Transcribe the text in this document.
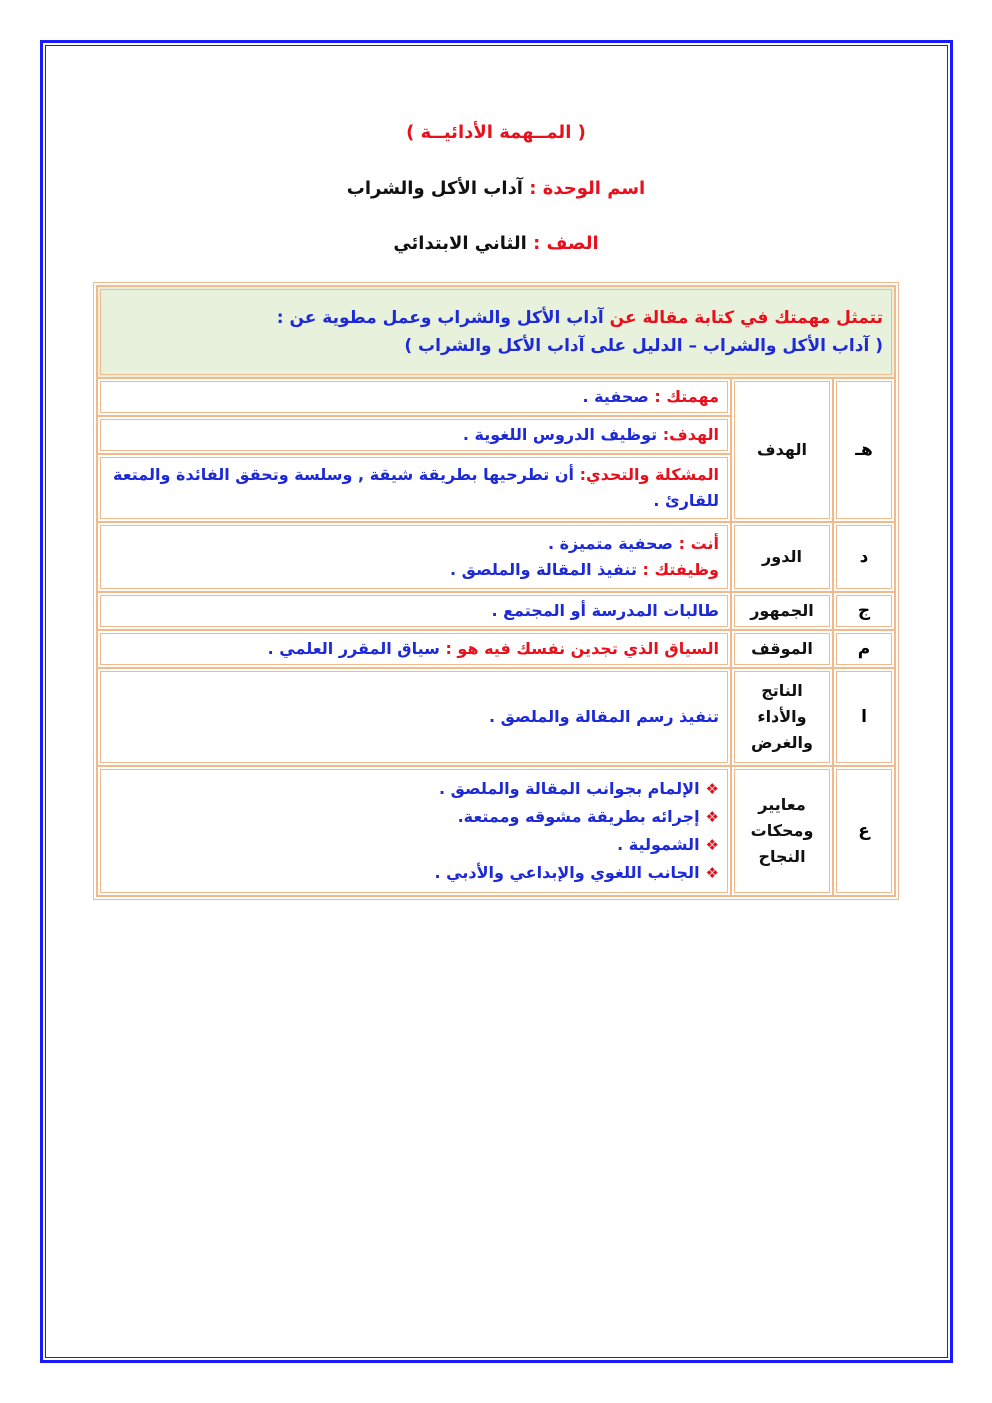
( المــهمة الأدائيــة )
اسم الوحدة : آداب الأكل والشراب
الصف : الثاني الابتدائي
تتمثل مهمتك في كتابة مقالة عن آداب الأكل والشراب وعمل مطوية عن :
( آداب الأكل والشراب – الدليل على آداب الأكل والشراب )		
هـ	الهدف	مهمتك : صحفية .
		الهدف: توظيف الدروس اللغوية .
		المشكلة والتحدي: أن تطرحيها بطريقة شيقة , وسلسة وتحقق الفائدة والمتعة للقارئ .
د	الدور	أنت : صحفية متميزة .
وظيفتك : تنفيذ المقالة والملصق .
ج	الجمهور	طالبات المدرسة أو المجتمع .
م	الموقف	السياق الذي تجدين نفسك فيه هو : سياق المقرر العلمي .
ا	الناتج
والأداء
والغرض	تنفيذ رسم المقالة والملصق .
ع	معايير
ومحكات
النجاح	❖الإلمام بجوانب المقالة والملصق .
❖إجرائه بطريقة مشوقه وممتعة.
❖الشمولية .
❖الجانب اللغوي والإبداعي والأدبي .
